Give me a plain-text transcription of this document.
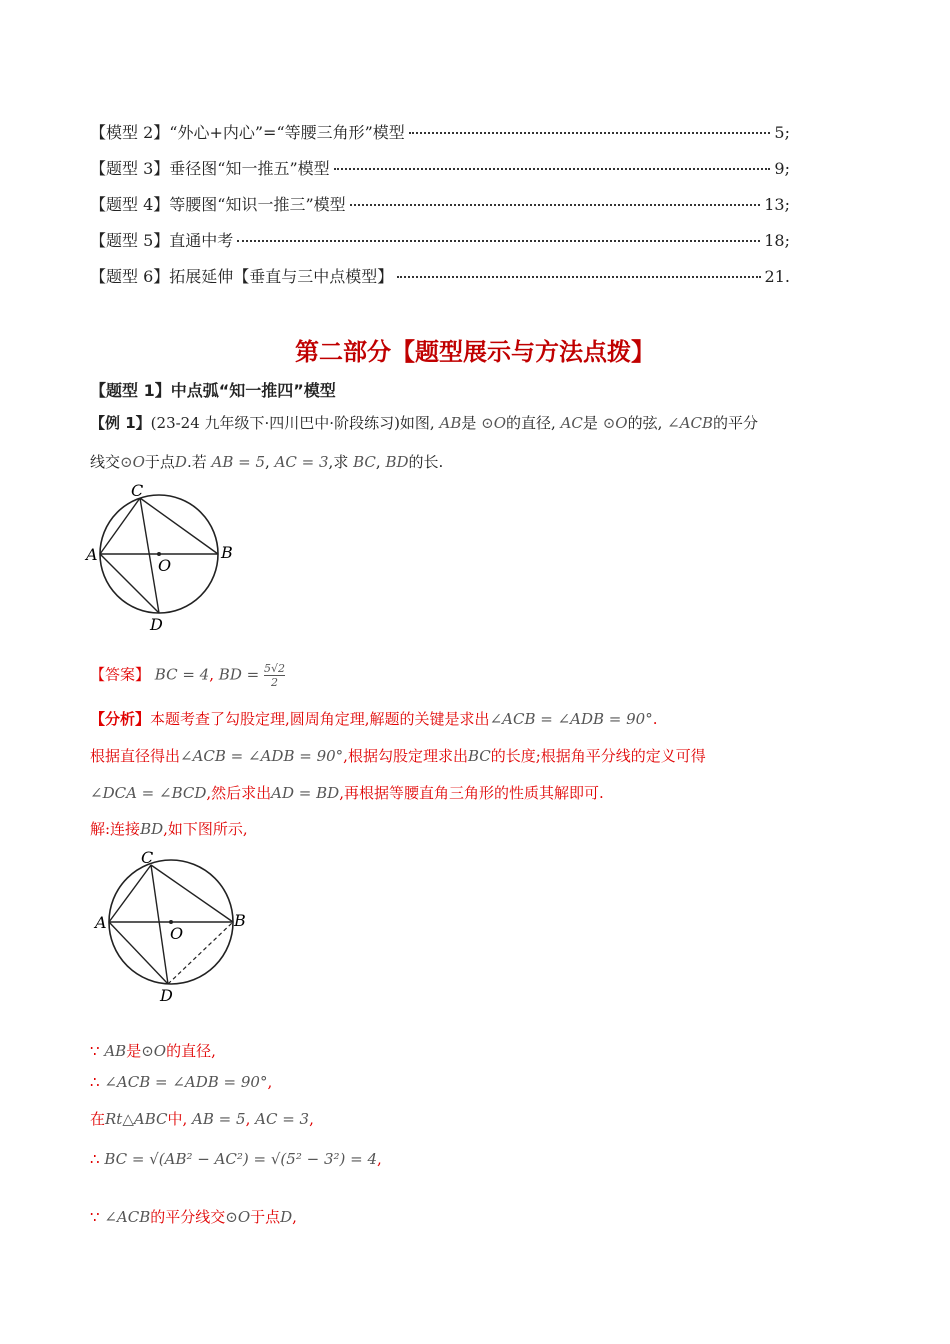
【模型 2】“外心+内心”=“等腰三角形”模型	5;
【题型 3】垂径图“知一推五”模型	9;
【题型 4】等腰图“知识一推三”模型	13;
【题型 5】直通中考	18;
【题型 6】拓展延伸【垂直与三中点模型】	21.
第二部分【题型展示与方法点拨】
【题型 1】中点弧“知一推四”模型
【例 1】(23-24 九年级下·四川巴中·阶段练习)如图, AB是 ⊙O的直径, AC是 ⊙O的弦, ∠ACB的平分
线交⊙O于点D.若 AB = 5, AC = 3,求 BC, BD的长.
A	B
C
D
O
【答案】 BC = 4, BD = $\frac{5√2}{2}$
【分析】本题考查了勾股定理,圆周角定理,解题的关键是求出∠ACB = ∠ADB = 90°.
根据直径得出∠ACB = ∠ADB = 90°,根据勾股定理求出BC的长度;根据角平分线的定义可得
∠DCA = ∠BCD,然后求出AD = BD,再根据等腰直角三角形的性质其解即可.
解:连接BD,如下图所示,
A	B
C
D
O
∵ AB是⊙O的直径,
∴ ∠ACB = ∠ADB = 90°,
在Rt△ABC中, AB = 5, AC = 3,
∴ BC = √(AB² − AC²) = √(5² − 3²) = 4,
∵ ∠ACB的平分线交⊙O于点D,
